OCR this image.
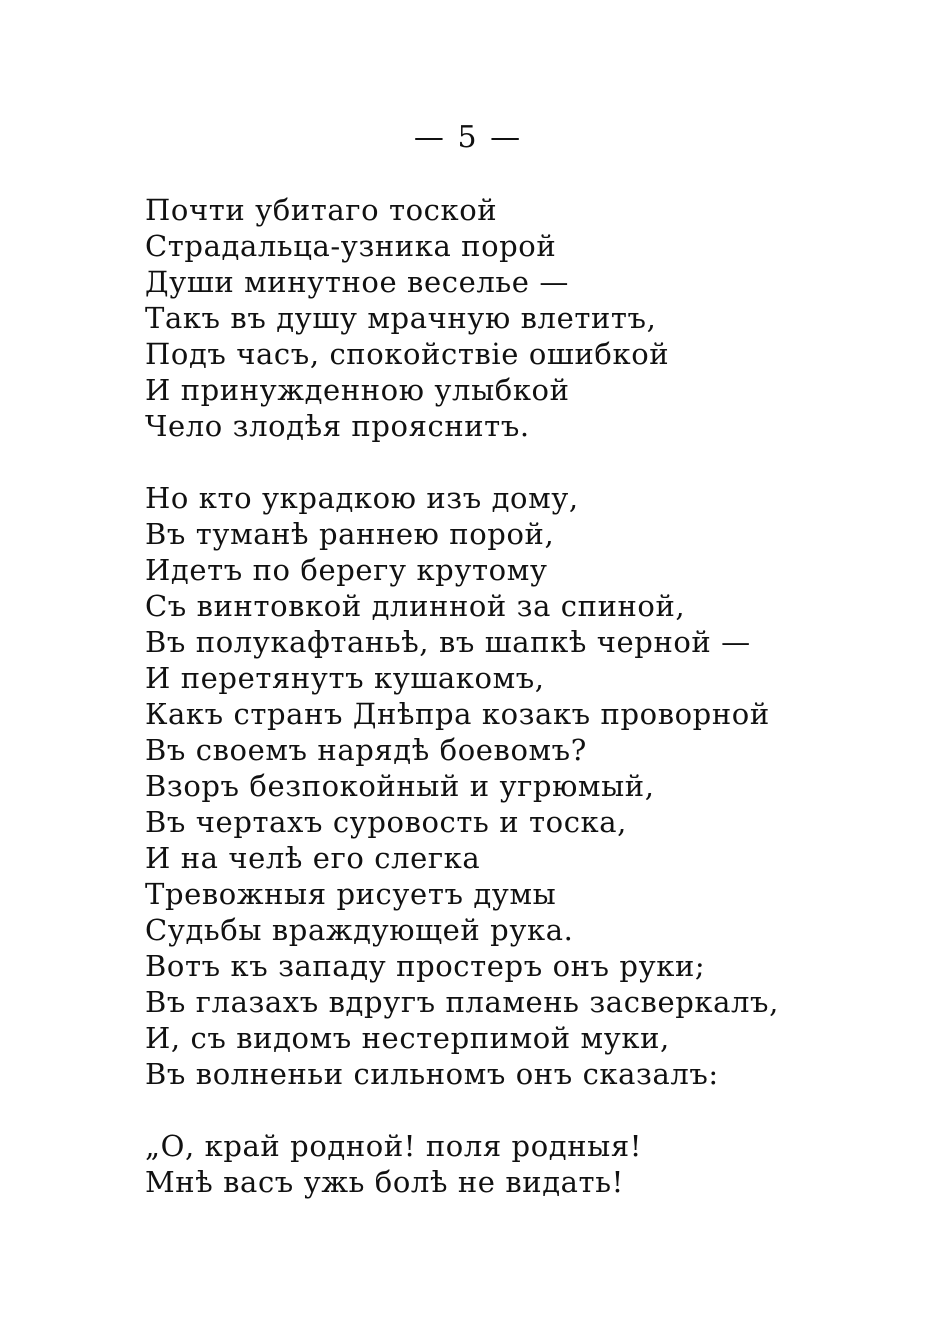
— 5 —
Почти убитаго тоской
Страдальца-узника порой
Души минутное веселье —
Такъ въ душу мрачную влетитъ,
Подъ часъ, спокойствіе ошибкой
И принужденною улыбкой
Чело злодѣя прояснитъ.
Но кто украдкою изъ дому,
Въ туманѣ раннею порой,
Идетъ по берегу крутому
Съ винтовкой длинной за спиной,
Въ полукафтаньѣ, въ шапкѣ черной —
И перетянутъ кушакомъ,
Какъ странъ Днѣпра козакъ проворной
Въ своемъ нарядѣ боевомъ?
Взоръ безпокойный и угрюмый,
Въ чертахъ суровость и тоска,
И на челѣ его слегка
Тревожныя рисуетъ думы
Судьбы враждующей рука.
Вотъ къ западу простеръ онъ руки;
Въ глазахъ вдругъ пламень засверкалъ,
И, съ видомъ нестерпимой муки,
Въ волненьи сильномъ онъ сказалъ:
„О, край родной! поля родныя!
Мнѣ васъ ужь болѣ не видать!
